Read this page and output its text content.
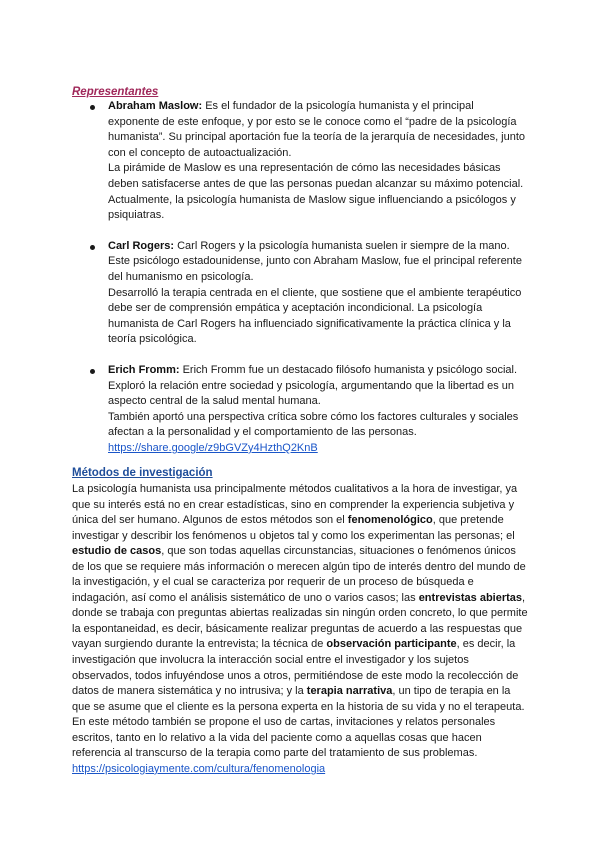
Representantes

Abraham Maslow: Es el fundador de la psicología humanista y el principal exponente de este enfoque, y por esto se le conoce como el “padre de la psicología humanista”. Su principal aportación fue la teoría de la jerarquía de necesidades, junto con el concepto de autoactualización.

La pirámide de Maslow es una representación de cómo las necesidades básicas deben satisfacerse antes de que las personas puedan alcanzar su máximo potencial. Actualmente, la psicología humanista de Maslow sigue influenciando a psicólogos y psiquiatras.

Carl Rogers: Carl Rogers y la psicología humanista suelen ir siempre de la mano. Este psicólogo estadounidense, junto con Abraham Maslow, fue el principal referente del humanismo en psicología.

Desarrolló la terapia centrada en el cliente, que sostiene que el ambiente terapéutico debe ser de comprensión empática y aceptación incondicional. La psicología humanista de Carl Rogers ha influenciado significativamente la práctica clínica y la teoría psicológica.

Erich Fromm: Erich Fromm fue un destacado filósofo humanista y psicólogo social. Exploró la relación entre sociedad y psicología, argumentando que la libertad es un aspecto central de la salud mental humana.

También aportó una perspectiva crítica sobre cómo los factores culturales y sociales afectan a la personalidad y el comportamiento de las personas.

https://share.google/z9bGVZy4HzthQ2KnB

Métodos de investigación

La psicología humanista usa principalmente métodos cualitativos a la hora de investigar, ya que su interés está no en crear estadísticas, sino en comprender la experiencia subjetiva y única del ser humano. Algunos de estos métodos son el fenomenológico, que pretende investigar y describir los fenómenos u objetos tal y como los experimentan las personas; el estudio de casos, que son todas aquellas circunstancias, situaciones o fenómenos únicos de los que se requiere más información o merecen algún tipo de interés dentro del mundo de la investigación, y el cual se caracteriza por requerir de un proceso de búsqueda e indagación, así como el análisis sistemático de uno o varios casos; las entrevistas abiertas, donde se trabaja con preguntas abiertas realizadas sin ningún orden concreto, lo que permite la espontaneidad, es decir, básicamente realizar preguntas de acuerdo a las respuestas que vayan surgiendo durante la entrevista; la técnica de observación participante, es decir, la investigación que involucra la interacción social entre el investigador y los sujetos observados, todos infuyéndose unos a otros, permitiéndose de este modo la recolección de datos de manera sistemática y no intrusiva; y la terapia narrativa, un tipo de terapia en la que se asume que el cliente es la persona experta en la historia de su vida y no el terapeuta. En este método también se propone el uso de cartas, invitaciones y relatos personales escritos, tanto en lo relativo a la vida del paciente como a aquellas cosas que hacen referencia al transcurso de la terapia como parte del tratamiento de sus problemas.

https://psicologiaymente.com/cultura/fenomenologia
